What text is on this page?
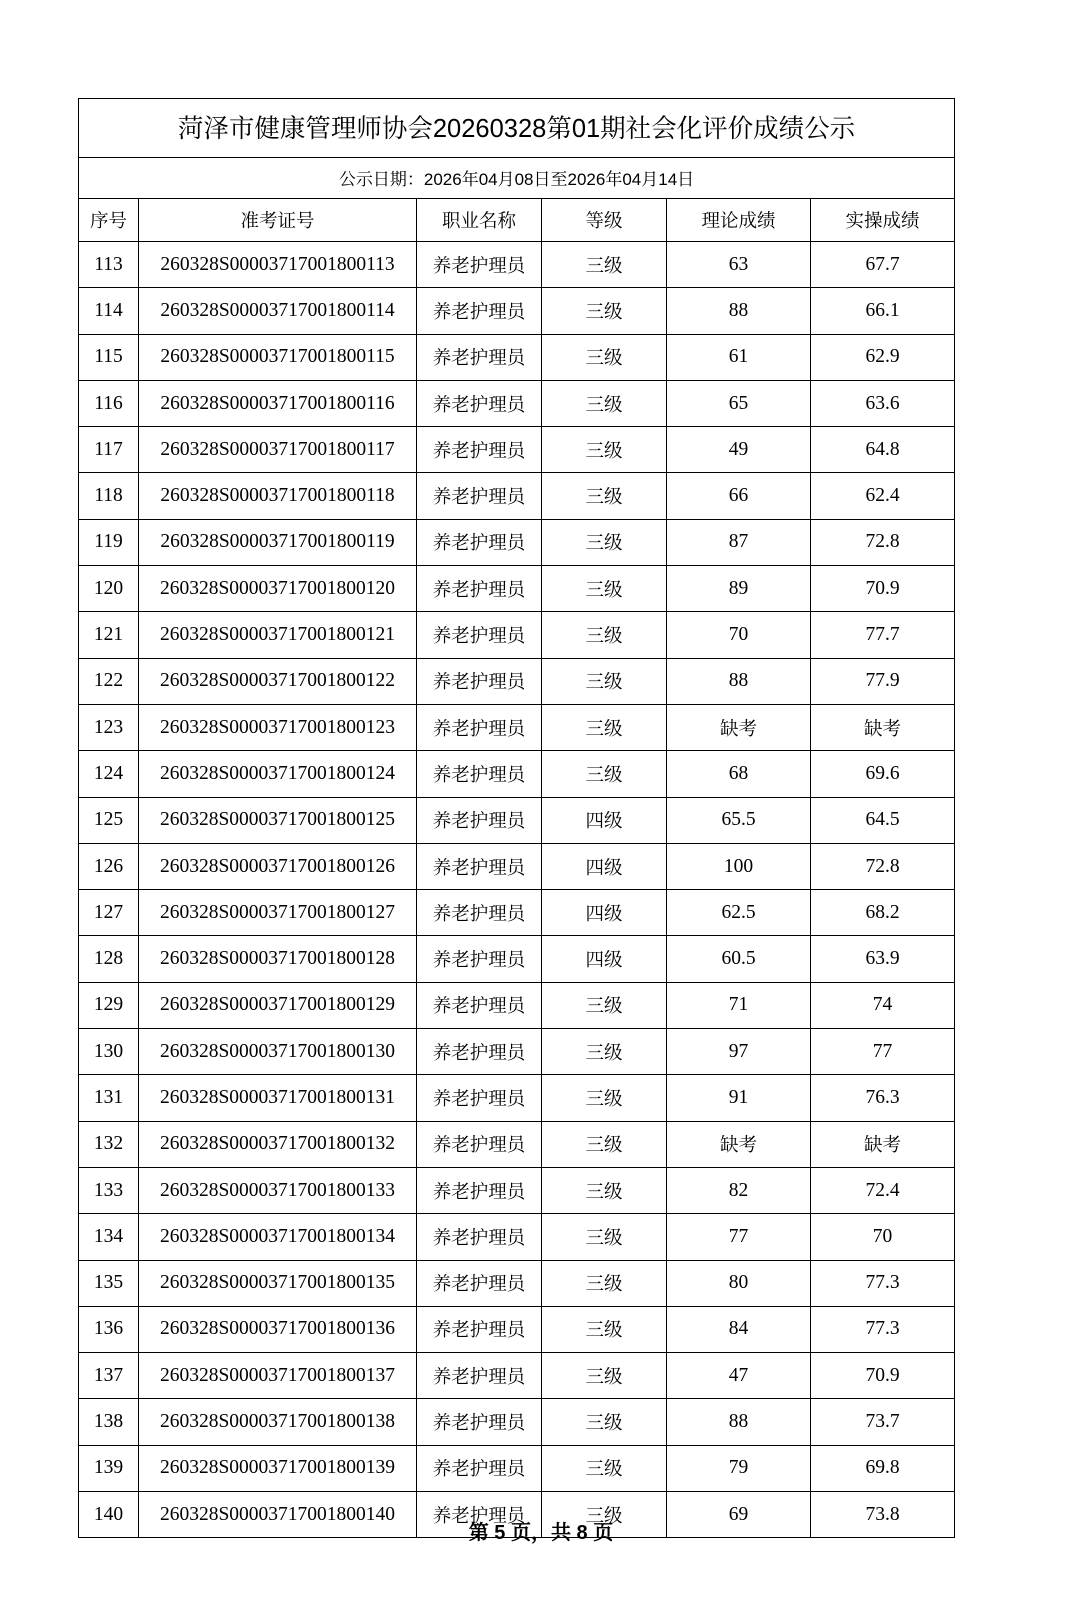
菏泽市健康管理师协会20260328第01期社会化评价成绩公示					
公示日期：2026年04月08日至2026年04月14日					
序号	准考证号	职业名称	等级	理论成绩	实操成绩
113	260328S00003717001800113	养老护理员	三级	63	67.7
114	260328S00003717001800114	养老护理员	三级	88	66.1
115	260328S00003717001800115	养老护理员	三级	61	62.9
116	260328S00003717001800116	养老护理员	三级	65	63.6
117	260328S00003717001800117	养老护理员	三级	49	64.8
118	260328S00003717001800118	养老护理员	三级	66	62.4
119	260328S00003717001800119	养老护理员	三级	87	72.8
120	260328S00003717001800120	养老护理员	三级	89	70.9
121	260328S00003717001800121	养老护理员	三级	70	77.7
122	260328S00003717001800122	养老护理员	三级	88	77.9
123	260328S00003717001800123	养老护理员	三级	缺考	缺考
124	260328S00003717001800124	养老护理员	三级	68	69.6
125	260328S00003717001800125	养老护理员	四级	65.5	64.5
126	260328S00003717001800126	养老护理员	四级	100	72.8
127	260328S00003717001800127	养老护理员	四级	62.5	68.2
128	260328S00003717001800128	养老护理员	四级	60.5	63.9
129	260328S00003717001800129	养老护理员	三级	71	74
130	260328S00003717001800130	养老护理员	三级	97	77
131	260328S00003717001800131	养老护理员	三级	91	76.3
132	260328S00003717001800132	养老护理员	三级	缺考	缺考
133	260328S00003717001800133	养老护理员	三级	82	72.4
134	260328S00003717001800134	养老护理员	三级	77	70
135	260328S00003717001800135	养老护理员	三级	80	77.3
136	260328S00003717001800136	养老护理员	三级	84	77.3
137	260328S00003717001800137	养老护理员	三级	47	70.9
138	260328S00003717001800138	养老护理员	三级	88	73.7
139	260328S00003717001800139	养老护理员	三级	79	69.8
140	260328S00003717001800140	养老护理员	三级	69	73.8
第 5 页，共 8 页
